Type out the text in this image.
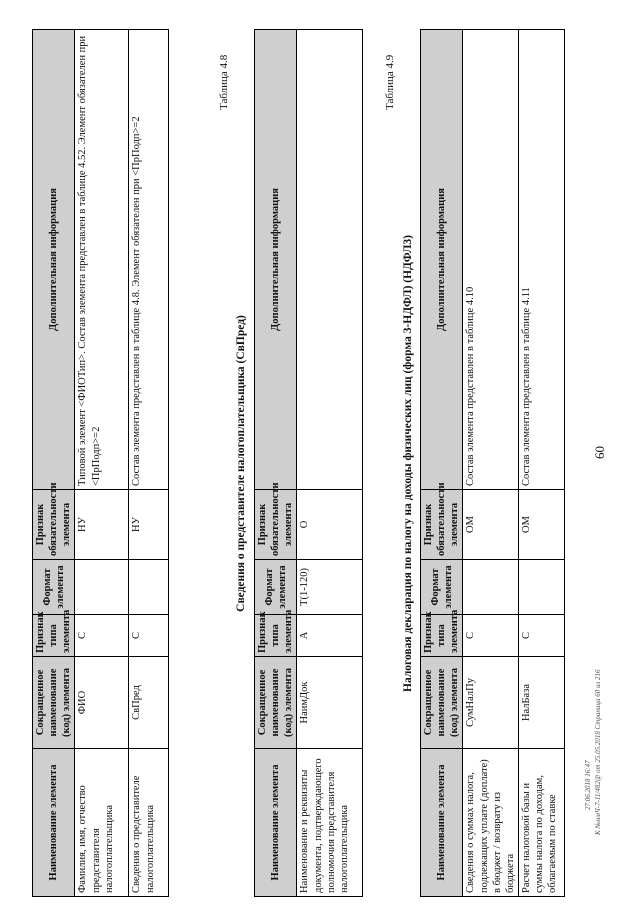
60
Наименование элемента	Сокращенное наименование (код) элемента	Признак типа элемента	Формат элемента	Признак обязательности элемента	Дополнительная информация
Фамилия, имя, отчество представителя налогоплательщика	ФИО	С		НУ	Типовой элемент <ФИОТип>. Состав элемента представлен в таблице 4.52. Элемент обязателен при <ПрПодп>=2
Сведения о представителе налогоплательщика	СвПред	С		НУ	Состав элемента представлен в таблице 4.8. Элемент обязателен при <ПрПодп>=2
Таблица 4.8
Сведения о представителе налогоплательщика (СвПред)
Наименование элемента	Сокращенное наименование (код) элемента	Признак типа элемента	Формат элемента	Признак обязательности элемента	Дополнительная информация
Наименование и реквизиты документа, подтверждающего полномочия представителя налогоплательщика	НаимДок	А	T(1-120)	О	
Таблица 4.9
Налоговая декларация по налогу на доходы физических лиц (форма 3-НДФЛ) (НДФЛ3)
Наименование элемента	Сокращенное наименование (код) элемента	Признак типа элемента	Формат элемента	Признак обязательности элемента	Дополнительная информация
Сведения о суммах налога, подлежащих уплате (доплате) в бюджет / возврату из бюджета	СумНалПу	С		ОМ	Состав элемента представлен в таблице 4.10
Расчет налоговой базы и суммы налога по доходам, облагаемым по ставке	НалБаза	С		ОМ	Состав элемента представлен в таблице 4.11
27.06.2018 16:47 К №ммЧ-7-11/482@ от 25.05.2018 Страница 60 из 216
